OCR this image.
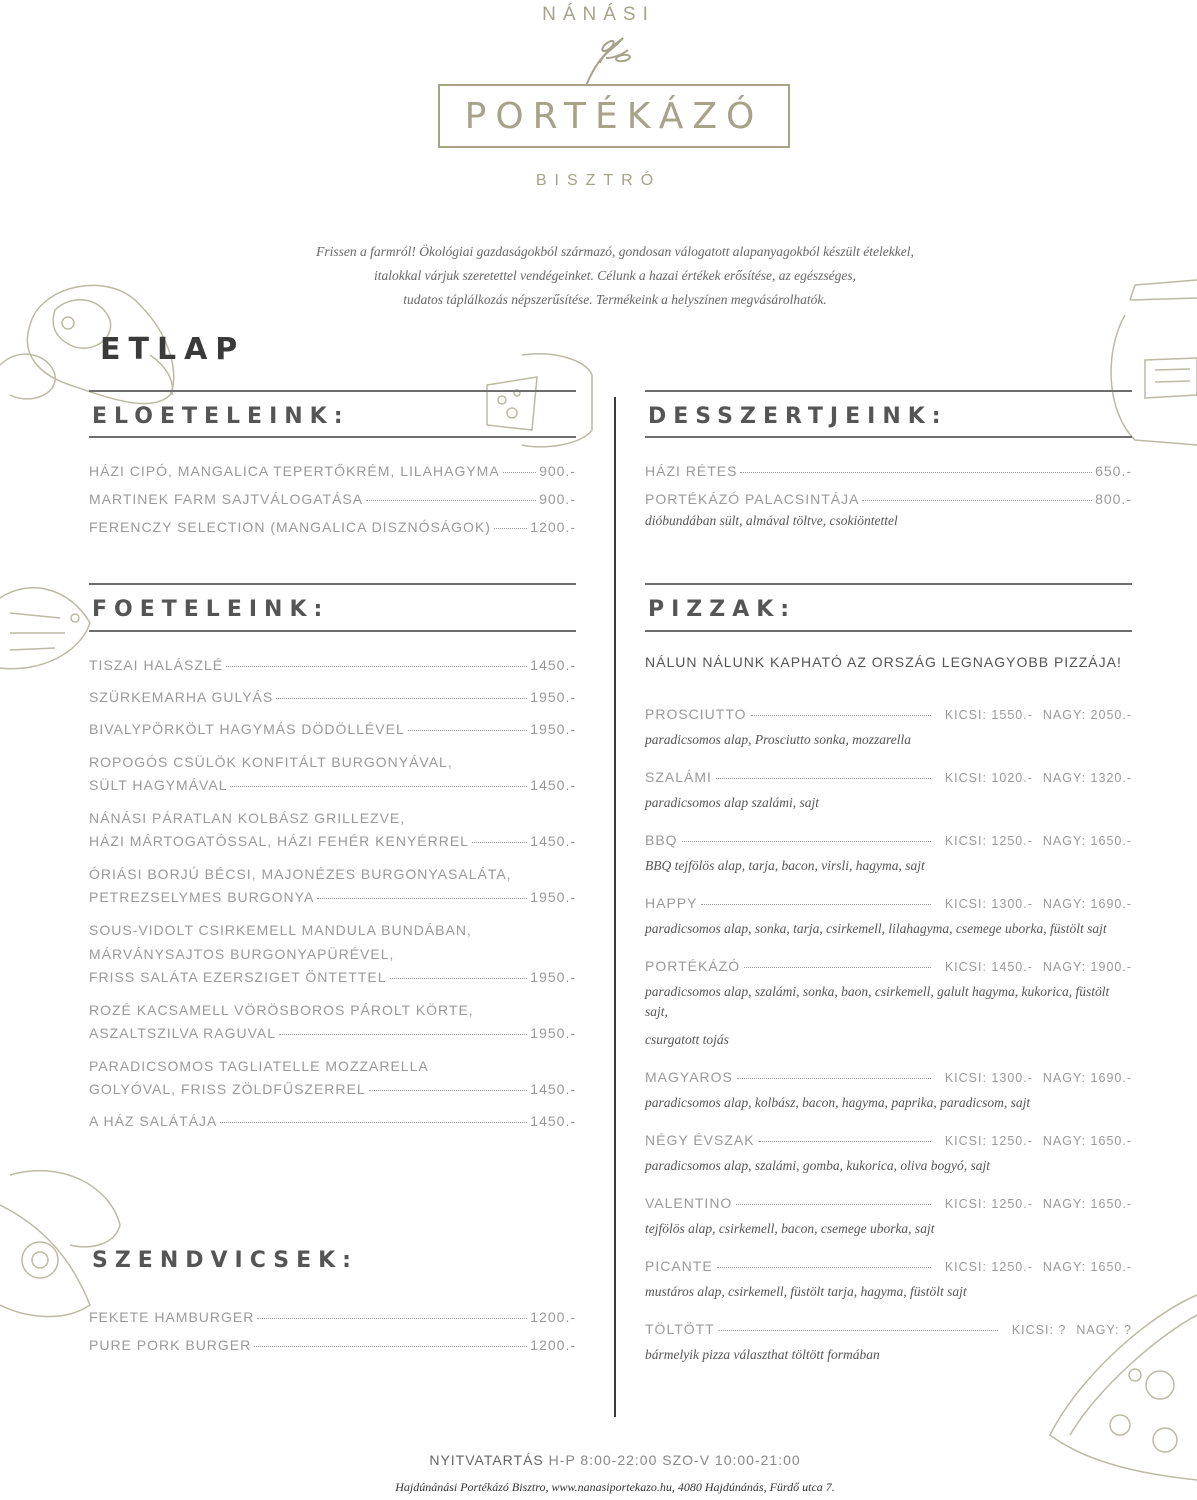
NÁNÁSI
PORTÉKÁZÓ
BISZTRÓ
Frissen a farmról! Ökológiai gazdaságokból származó, gondosan válogatott alapanyagokból készült ételekkel,
italokkal várjuk szeretettel vendégeinket. Célunk a hazai értékek erősítése, az egészséges,
tudatos táplálkozás népszerűsítése. Termékeink a helyszínen megvásárolhatók.
ETLAP
ELOETELEINK:
HÁZI CIPÓ, MANGALICA TEPERTŐKRÉM, LILAHAGYMA	900.-
MARTINEK FARM SAJTVÁLOGATÁSA	900.-
FERENCZY SELECTION (MANGALICA DISZNÓSÁGOK)	1200.-
FOETELEINK:
TISZAI HALÁSZLÉ	1450.-
SZÜRKEMARHA GULYÁS	1950.-
BIVALYPÖRKÖLT HAGYMÁS DÖDÖLLÉVEL	1950.-
ROPOGÓS CSÜLÖK KONFITÁLT BURGONYÁVAL,
SÜLT HAGYMÁVAL	1450.-
NÁNÁSI PÁRATLAN KOLBÁSZ GRILLEZVE,
HÁZI MÁRTOGATÓSSAL, HÁZI FEHÉR KENYÉRREL	1450.-
ÓRIÁSI BORJÚ BÉCSI, MAJONÉZES BURGONYASALÁTA,
PETREZSELYMES BURGONYA	1950.-
SOUS-VIDOLT CSIRKEMELL MANDULA BUNDÁBAN,
MÁRVÁNYSAJTOS BURGONYAPÜRÉVEL,
FRISS SALÁTA EZERSZIGET ÖNTETTEL	1950.-
ROZÉ KACSAMELL VÖRÖSBOROS PÁROLT KÖRTE,
ASZALTSZILVA RAGUVAL	1950.-
PARADICSOMOS TAGLIATELLE MOZZARELLA
GOLYÓVAL, FRISS ZÖLDFŰSZERREL	1450.-
A HÁZ SALÁTÁJA	1450.-
SZENDVICSEK:
FEKETE HAMBURGER	1200.-
PURE PORK BURGER	1200.-
DESSZERTJEINK:
HÁZI RÉTES	650.-
PORTÉKÁZÓ PALACSINTÁJA	800.-
dióbundában sült, almával töltve, csokiöntettel
PIZZAK:
NÁLUN NÁLUNK KAPHATÓ AZ ORSZÁG LEGNAGYOBB PIZZÁJA!
PROSCIUTTO	KICSI: 1550.- NAGY: 2050.-
paradicsomos alap, Prosciutto sonka, mozzarella
SZALÁMI	KICSI: 1020.- NAGY: 1320.-
paradicsomos alap szalámi, sajt
BBQ	KICSI: 1250.- NAGY: 1650.-
BBQ tejfölös alap, tarja, bacon, virsli, hagyma, sajt
HAPPY	KICSI: 1300.- NAGY: 1690.-
paradicsomos alap, sonka, tarja, csirkemell, lilahagyma, csemege uborka, füstölt sajt
PORTÉKÁZÓ	KICSI: 1450.- NAGY: 1900.-
paradicsomos alap, szalámi, sonka, baon, csirkemell, galult hagyma, kukorica, füstölt sajt,
csurgatott tojás
MAGYAROS	KICSI: 1300.- NAGY: 1690.-
paradicsomos alap, kolbász, bacon, hagyma, paprika, paradicsom, sajt
NÉGY ÉVSZAK	KICSI: 1250.- NAGY: 1650.-
paradicsomos alap, szalámi, gomba, kukorica, oliva bogyó, sajt
VALENTINO	KICSI: 1250.- NAGY: 1650.-
tejfölös alap, csirkemell, bacon, csemege uborka, sajt
PICANTE	KICSI: 1250.- NAGY: 1650.-
mustáros alap, csirkemell, füstölt tarja, hagyma, füstölt sajt
TÖLTÖTT	KICSI: ? NAGY: ?
bármelyik pizza választhat töltött formában
NYITVATARTÁS H-P 8:00-22:00 SZO-V 10:00-21:00
Hajdúnánási Portékázó Bisztro, www.nanasiportekazo.hu, 4080 Hajdúnánás, Fürdő utca 7.
